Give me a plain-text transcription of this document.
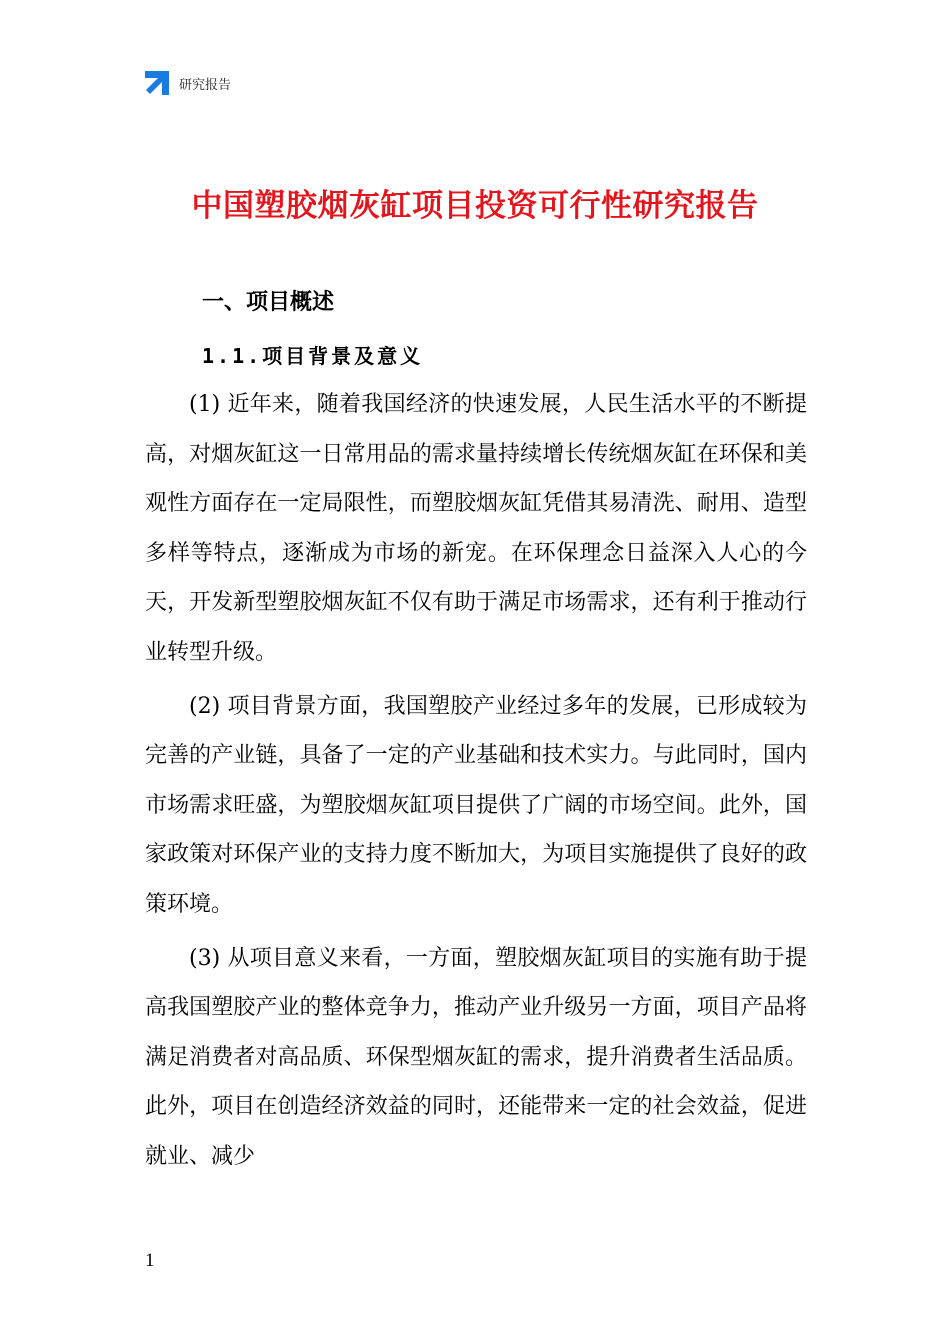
研究报告
中国塑胶烟灰缸项目投资可行性研究报告
一、项目概述
1.1.项目背景及意义

(1) 近年来，随着我国经济的快速发展，人民生活水平的不断提高，对烟灰缸这一日常用品的需求量持续增长传统烟灰缸在环保和美观性方面存在一定局限性，而塑胶烟灰缸凭借其易清洗、耐用、造型多样等特点，逐渐成为市场的新宠。在环保理念日益深入人心的今天，开发新型塑胶烟灰缸不仅有助于满足市场需求，还有利于推动行业转型升级。

(2) 项目背景方面，我国塑胶产业经过多年的发展，已形成较为完善的产业链，具备了一定的产业基础和技术实力。与此同时，国内市场需求旺盛，为塑胶烟灰缸项目提供了广阔的市场空间。此外，国家政策对环保产业的支持力度不断加大，为项目实施提供了良好的政策环境。

(3) 从项目意义来看，一方面，塑胶烟灰缸项目的实施有助于提高我国塑胶产业的整体竞争力，推动产业升级另一方面，项目产品将满足消费者对高品质、环保型烟灰缸的需求，提升消费者生活品质。此外，项目在创造经济效益的同时，还能带来一定的社会效益，促进就业、减少

1
